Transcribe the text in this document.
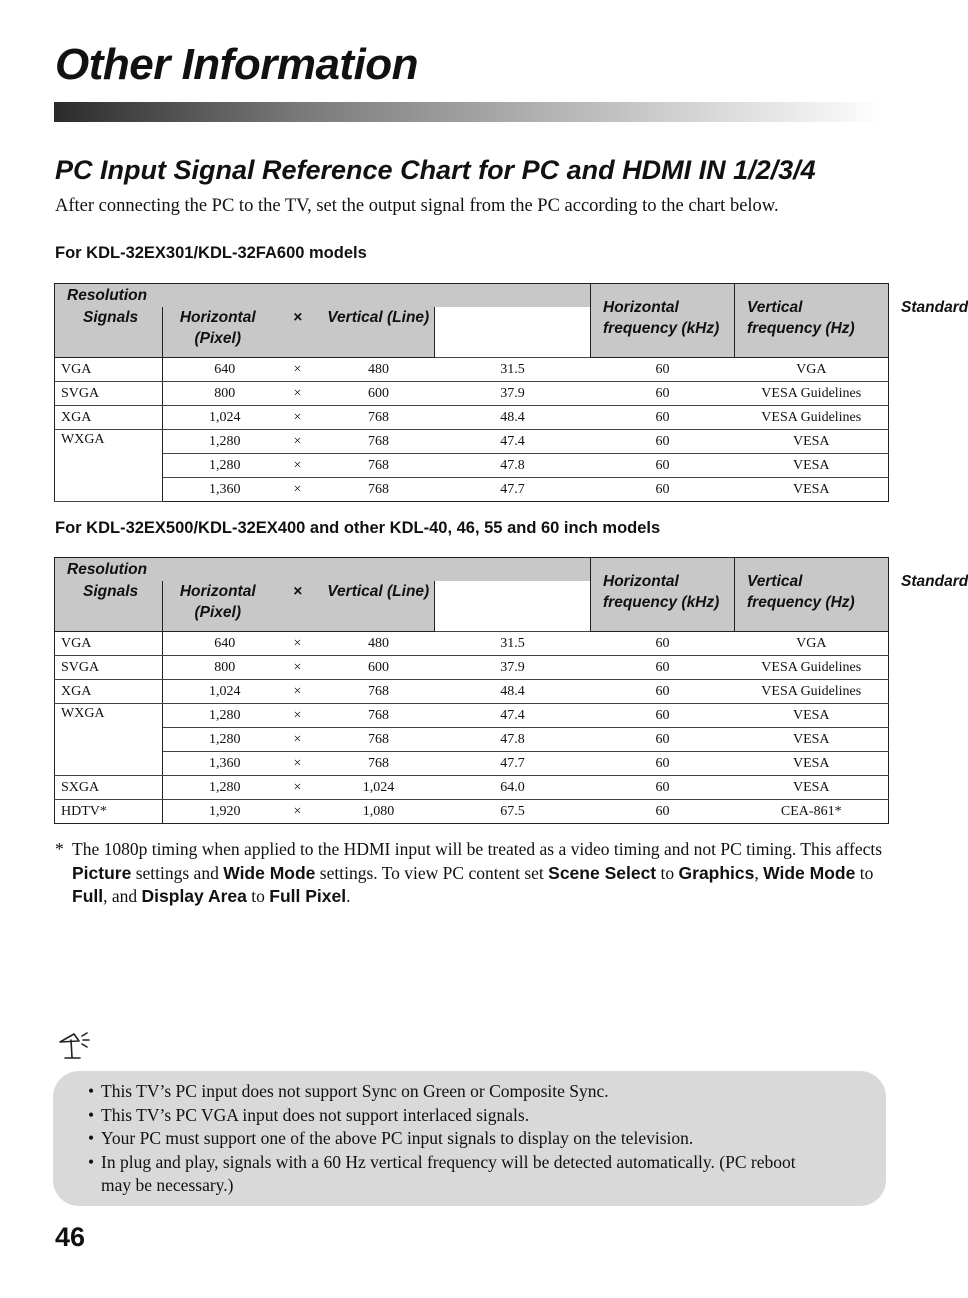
Other Information
PC Input Signal Reference Chart for PC and HDMI IN 1/2/3/4

After connecting the PC to the TV, set the output signal from the PC according to the chart below.

For KDL-32EX301/KDL-32FA600 models
Resolution					Horizontal frequency (kHz)	Vertical frequency (Hz)	Standard
Signals	Horizontal (Pixel)	×	Vertical (Line)				
VGA	640	×	480	31.5	60	VGA	
SVGA	800	×	600	37.9	60	VESA Guidelines	
XGA	1,024	×	768	48.4	60	VESA Guidelines	
WXGA	1,280	×	768	47.4	60	VESA	
	1,280	×	768	47.8	60	VESA	
	1,360	×	768	47.7	60	VESA	
For KDL-32EX500/KDL-32EX400 and other KDL-40, 46, 55 and 60 inch models
Resolution					Horizontal frequency (kHz)	Vertical frequency (Hz)	Standard
Signals	Horizontal (Pixel)	×	Vertical (Line)				
VGA	640	×	480	31.5	60	VGA	
SVGA	800	×	600	37.9	60	VESA Guidelines	
XGA	1,024	×	768	48.4	60	VESA Guidelines	
WXGA	1,280	×	768	47.4	60	VESA	
	1,280	×	768	47.8	60	VESA	
	1,360	×	768	47.7	60	VESA	
SXGA	1,280	×	1,024	64.0	60	VESA	
HDTV*	1,920	×	1,080	67.5	60	CEA-861*	

* The 1080p timing when applied to the HDMI input will be treated as a video timing and not PC timing. This affects Picture settings and Wide Mode settings. To view PC content set Scene Select to Graphics, Wide Mode to Full, and Display Area to Full Pixel.

• This TV’s PC input does not support Sync on Green or Composite Sync.
• This TV’s PC VGA input does not support interlaced signals.
• Your PC must support one of the above PC input signals to display on the television.
• In plug and play, signals with a 60 Hz vertical frequency will be detected automatically. (PC reboot may be necessary.)

46
